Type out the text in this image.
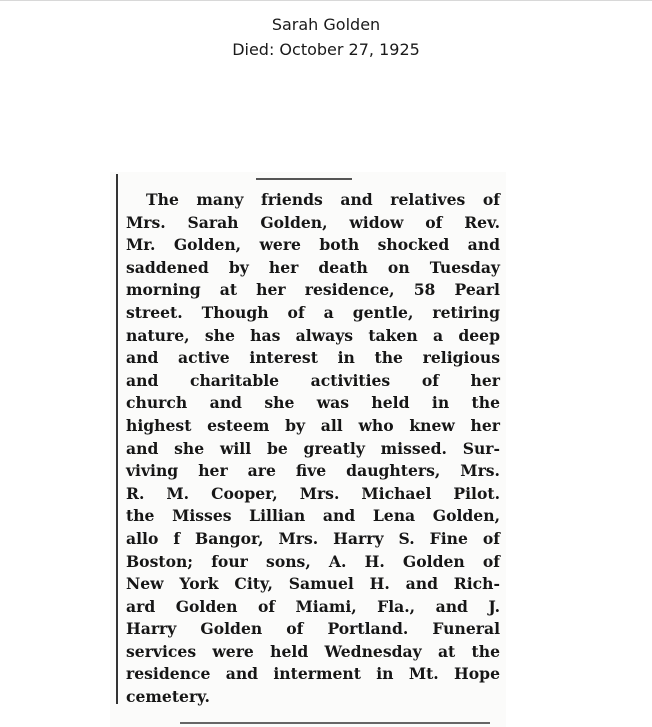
Sarah Golden
Died: October 27, 1925
The many friends and relatives of
Mrs. Sarah Golden, widow of Rev.
Mr. Golden, were both shocked and
saddened by her death on Tuesday
morning at her residence, 58 Pearl
street. Though of a gentle, retiring
nature, she has always taken a deep
and active interest in the religious
and charitable activities of her
church and she was held in the
highest esteem by all who knew her
and she will be greatly missed. Sur-
viving her are five daughters, Mrs.
R. M. Cooper, Mrs. Michael Pilot.
the Misses Lillian and Lena Golden,
allo f Bangor, Mrs. Harry S. Fine of
Boston; four sons, A. H. Golden of
New York City, Samuel H. and Rich-
ard Golden of Miami, Fla., and J.
Harry Golden of Portland. Funeral
services were held Wednesday at the
residence and interment in Mt. Hope
cemetery.
